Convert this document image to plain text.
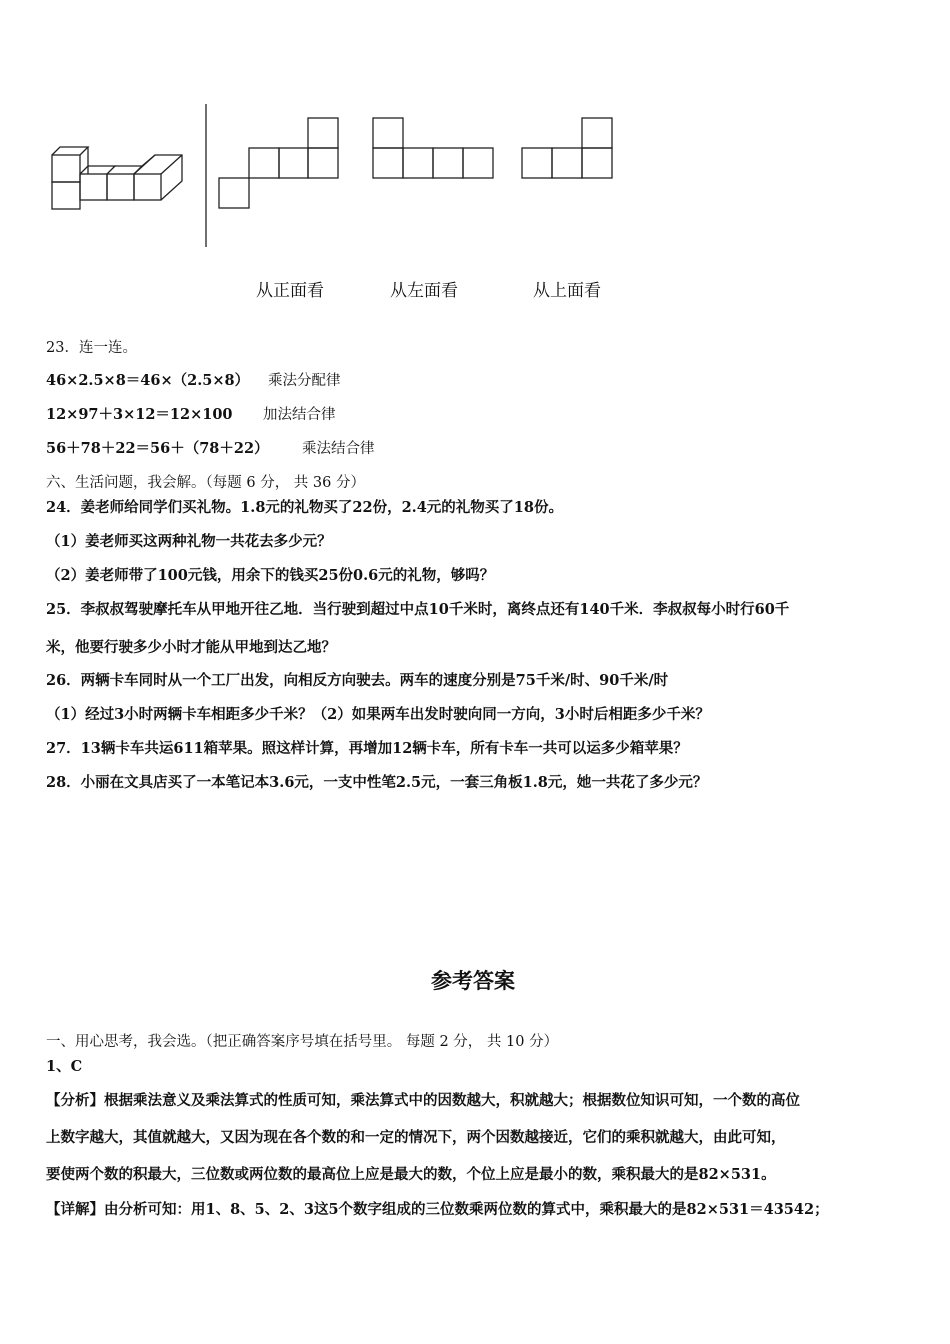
从正面看	从左面看	从上面看
23．连一连。
46×2.5×8＝46×（2.5×8） 乘法分配律
12×97＋3×12＝12×100 加法结合律
56＋78＋22＝56＋（78＋22） 乘法结合律
六、生活问题，我会解。（每题 6 分， 共 36 分）
24．姜老师给同学们买礼物。1.8元的礼物买了22份，2.4元的礼物买了18份。
（1）姜老师买这两种礼物一共花去多少元？
（2）姜老师带了100元钱，用余下的钱买25份0.6元的礼物，够吗？
25．李叔叔驾驶摩托车从甲地开往乙地．当行驶到超过中点10千米时，离终点还有140千米．李叔叔每小时行60千
米，他要行驶多少小时才能从甲地到达乙地？
26．两辆卡车同时从一个工厂出发，向相反方向驶去。两车的速度分别是75千米/时、90千米/时
（1）经过3小时两辆卡车相距多少千米？（2）如果两车出发时驶向同一方向，3小时后相距多少千米？
27．13辆卡车共运611箱苹果。照这样计算，再增加12辆卡车，所有卡车一共可以运多少箱苹果？
28．小丽在文具店买了一本笔记本3.6元，一支中性笔2.5元，一套三角板1.8元，她一共花了多少元？
参考答案
一、用心思考，我会选。（把正确答案序号填在括号里。 每题 2 分， 共 10 分）
1、C
【分析】根据乘法意义及乘法算式的性质可知，乘法算式中的因数越大，积就越大；根据数位知识可知，一个数的高位
上数字越大，其值就越大，又因为现在各个数的和一定的情况下，两个因数越接近，它们的乘积就越大，由此可知，
要使两个数的积最大，三位数或两位数的最高位上应是最大的数，个位上应是最小的数，乘积最大的是82×531。
【详解】由分析可知：用1、8、5、2、3这5个数字组成的三位数乘两位数的算式中，乘积最大的是82×531＝43542；
